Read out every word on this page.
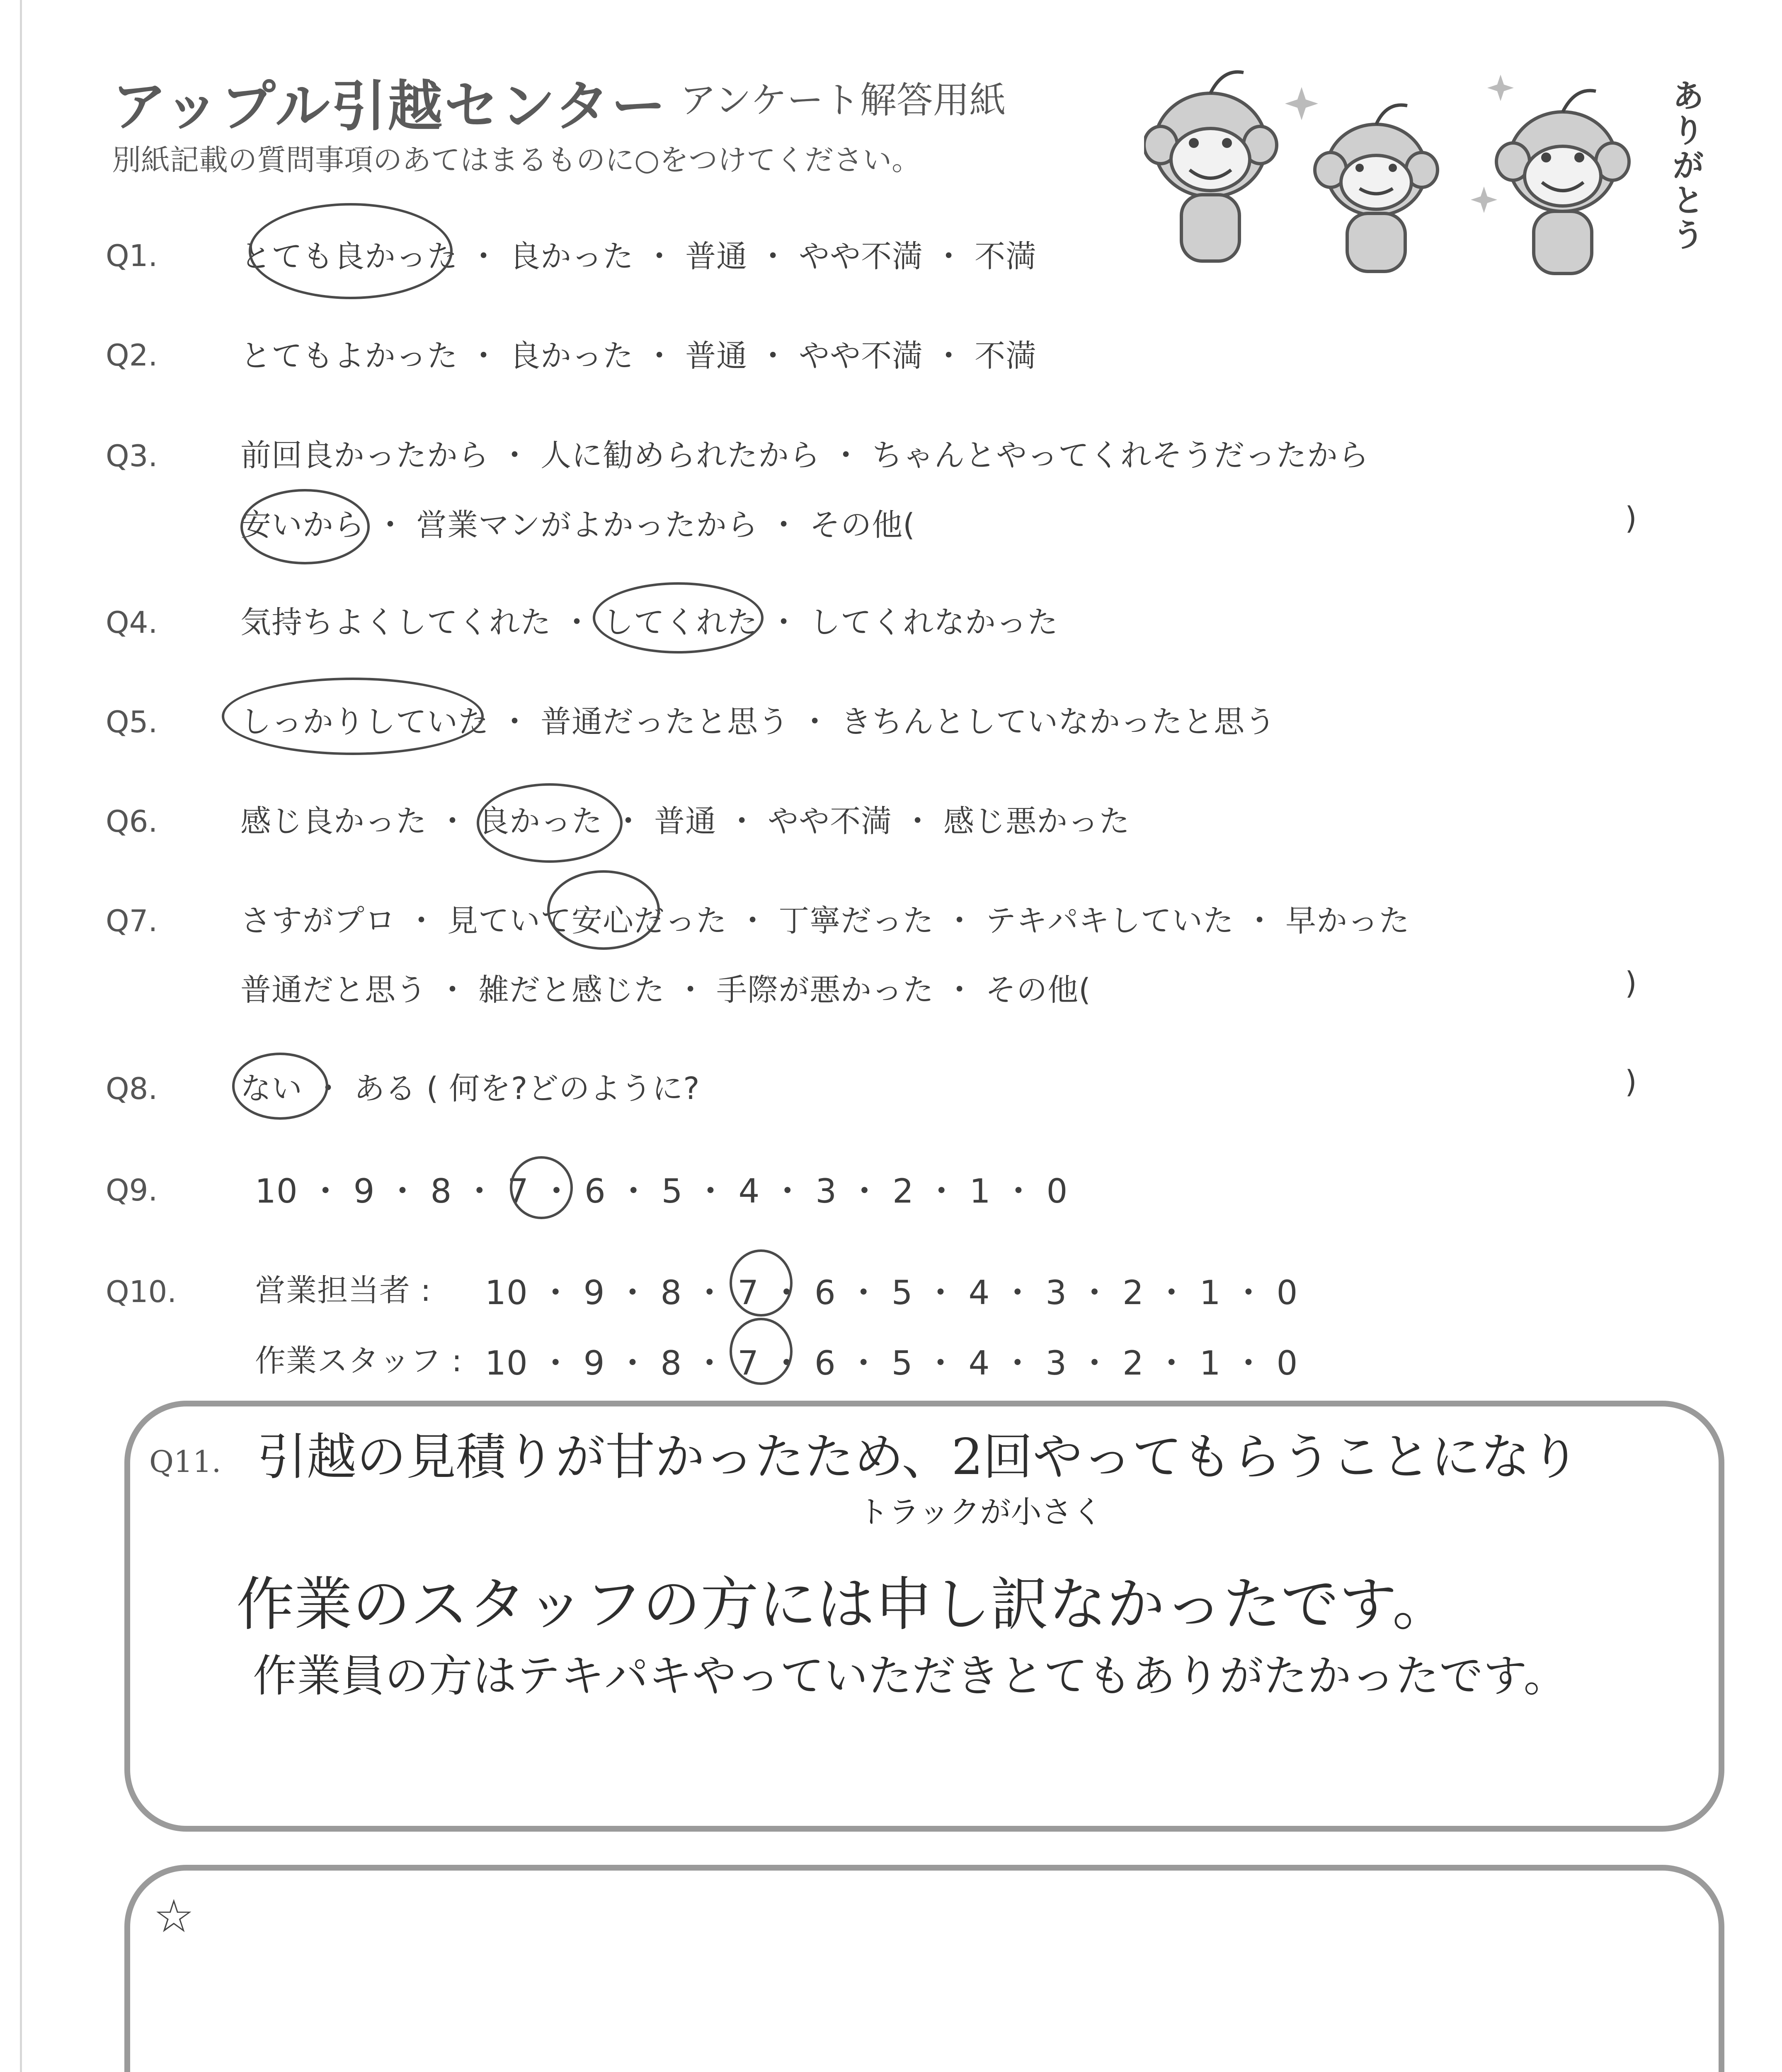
アップル引越センター アンケート解答用紙
別紙記載の質問事項のあてはまるものに○をつけてください。	ありがとう
Q1.	とても良かった ・ 良かった ・ 普通 ・ やや不満 ・ 不満
Q2.	とてもよかった ・ 良かった ・ 普通 ・ やや不満 ・ 不満
Q3.	前回良かったから ・ 人に勧められたから ・ ちゃんとやってくれそうだったから
安いから ・ 営業マンがよかったから ・ その他(	)
Q4.	気持ちよくしてくれた ・ してくれた ・ してくれなかった
Q5.	しっかりしていた ・ 普通だったと思う ・ きちんとしていなかったと思う
Q6.	感じ良かった ・ 良かった ・ 普通 ・ やや不満 ・ 感じ悪かった
Q7.	さすがプロ ・ 見ていて安心だった ・ 丁寧だった ・ テキパキしていた ・ 早かった
普通だと思う ・ 雑だと感じた ・ 手際が悪かった ・ その他(	)
Q8.	ない ・ ある ( 何を?どのように?	)
Q9.	10 ・ 9 ・ 8 ・ 7 ・ 6 ・ 5 ・ 4 ・ 3 ・ 2 ・ 1 ・ 0
Q10.	営業担当者 : 10 ・ 9 ・ 8 ・ 7 ・ 6 ・ 5 ・ 4 ・ 3 ・ 2 ・ 1 ・ 0
作業スタッフ : 10 ・ 9 ・ 8 ・ 7 ・ 6 ・ 5 ・ 4 ・ 3 ・ 2 ・ 1 ・ 0
Q11. 引越の見積りが甘かったため、2回やってもらうことになり
トラックが小さく
作業のスタッフの方には申し訳なかったです。
作業員の方はテキパキやっていただきとてもありがたかったです。
☆
